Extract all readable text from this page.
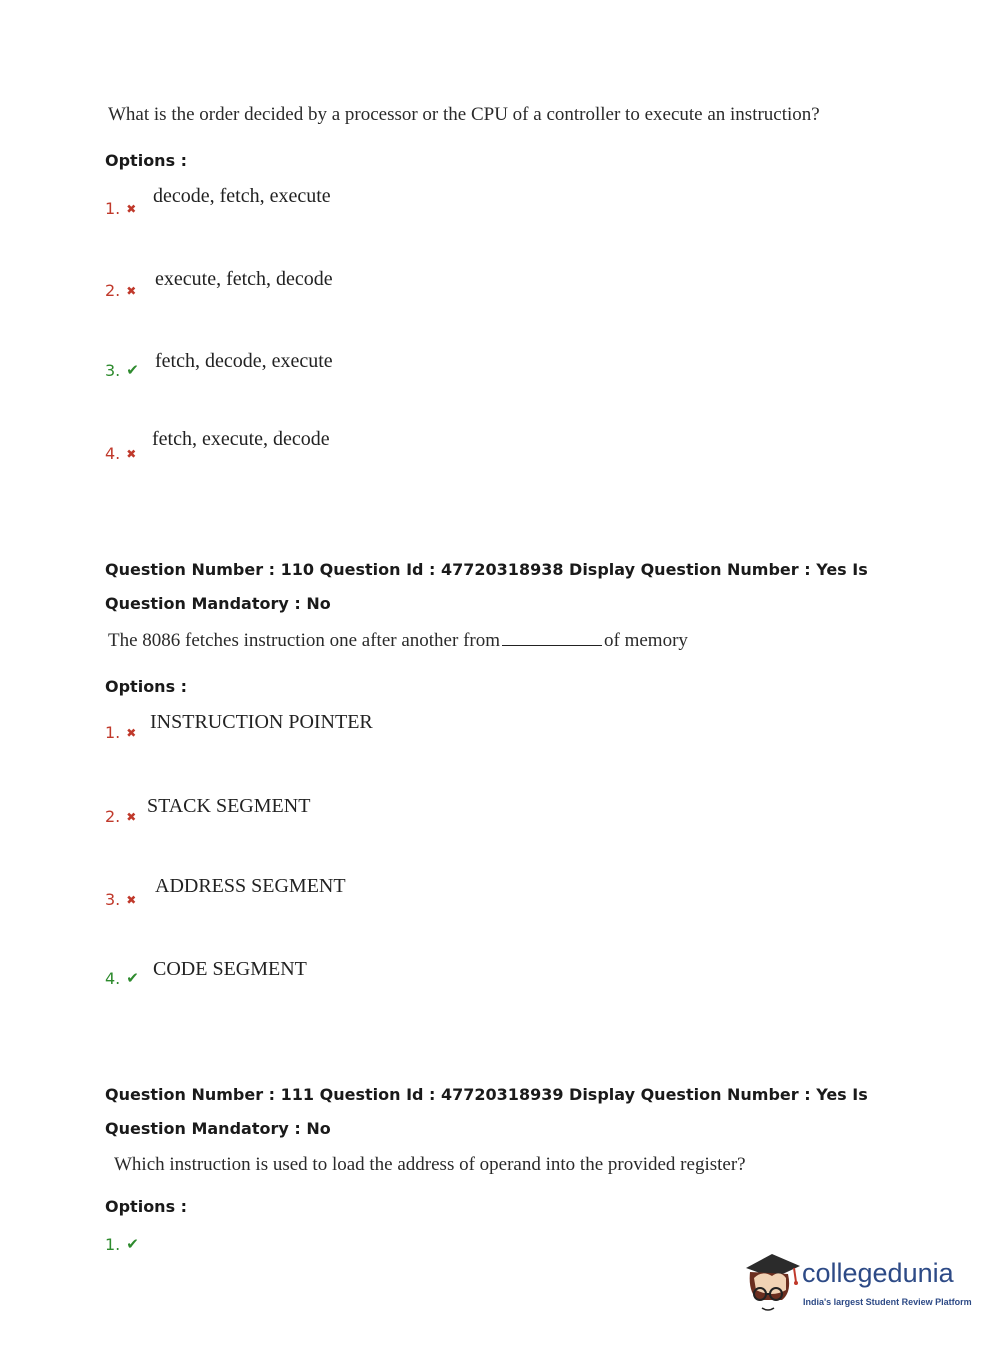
What is the order decided by a processor or the CPU of a controller to execute an instruction?
Options :
1. ✖
decode, fetch, execute
2. ✖
execute, fetch, decode
3. ✔ fetch, decode, execute
4. ✖
fetch, execute, decode
Question Number : 110 Question Id : 47720318938 Display Question Number : Yes Is Question Mandatory : No
The 8086 fetches instruction one after another from	of memory
Options :
1. ✖ INSTRUCTION POINTER
2. ✖ STACK SEGMENT
3. ✖
ADDRESS SEGMENT
4. ✔ CODE SEGMENT
Question Number : 111 Question Id : 47720318939 Display Question Number : Yes Is Question Mandatory : No
Which instruction is used to load the address of operand into the provided register?
Options :
1. ✔
collegedunia
India's largest Student Review Platform
